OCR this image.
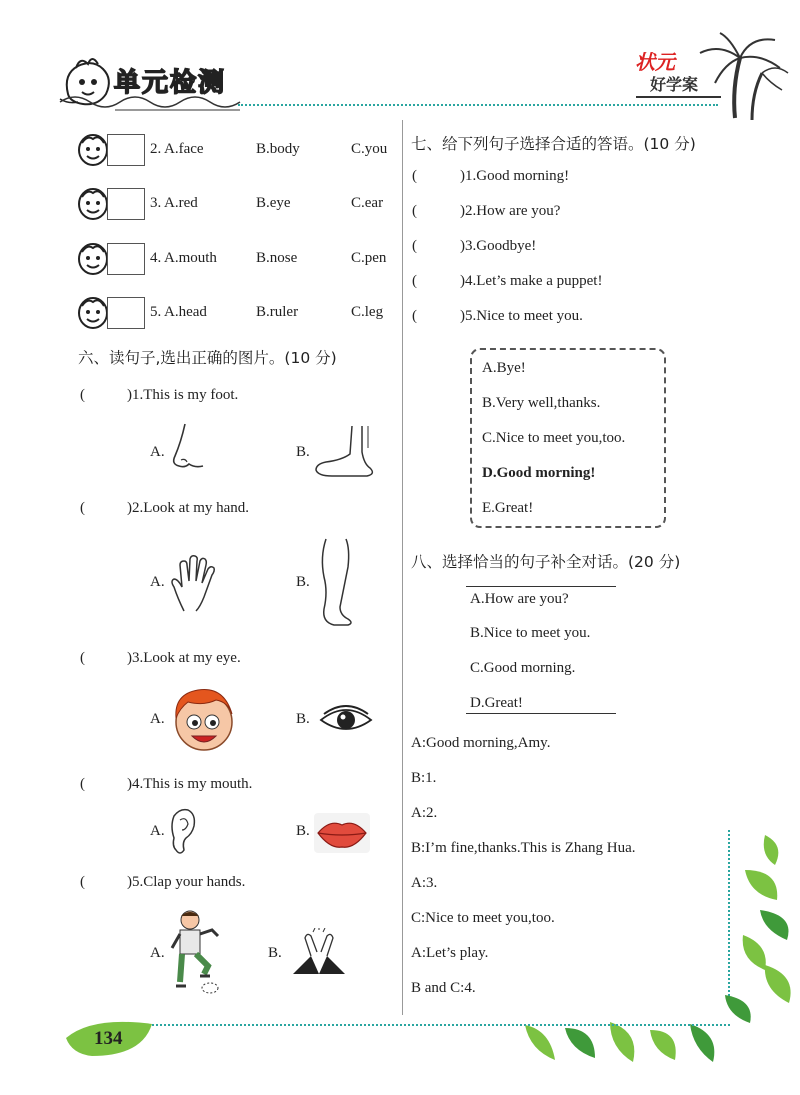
单元检测
状元
好学案
2. A.face	B.body	C.you
3. A.red	B.eye	C.ear
4. A.mouth	B.nose	C.pen
5. A.head	B.ruler	C.leg
六、读句子,选出正确的图片。(10 分)
(	)1.This is my foot.
A.	B.
(	)2.Look at my hand.
A.	B.
(	)3.Look at my eye.
A.	B.
(	)4.This is my mouth.
A.	B.
(	)5.Clap your hands.
A.	B.
七、给下列句子选择合适的答语。(10 分)
(	)1.Good morning!
(	)2.How are you?
(	)3.Goodbye!
(	)4.Let’s make a puppet!
(	)5.Nice to meet you.
A.Bye!
B.Very well,thanks.
C.Nice to meet you,too.
D.Good morning!
E.Great!
八、选择恰当的句子补全对话。(20 分)
A.How are you?
B.Nice to meet you.
C.Good morning.
D.Great!
A:Good morning,Amy.
B:1.
A:2.
B:I’m fine,thanks.This is Zhang Hua.
A:3.
C:Nice to meet you,too.
A:Let’s play.
B and C:4.
134
